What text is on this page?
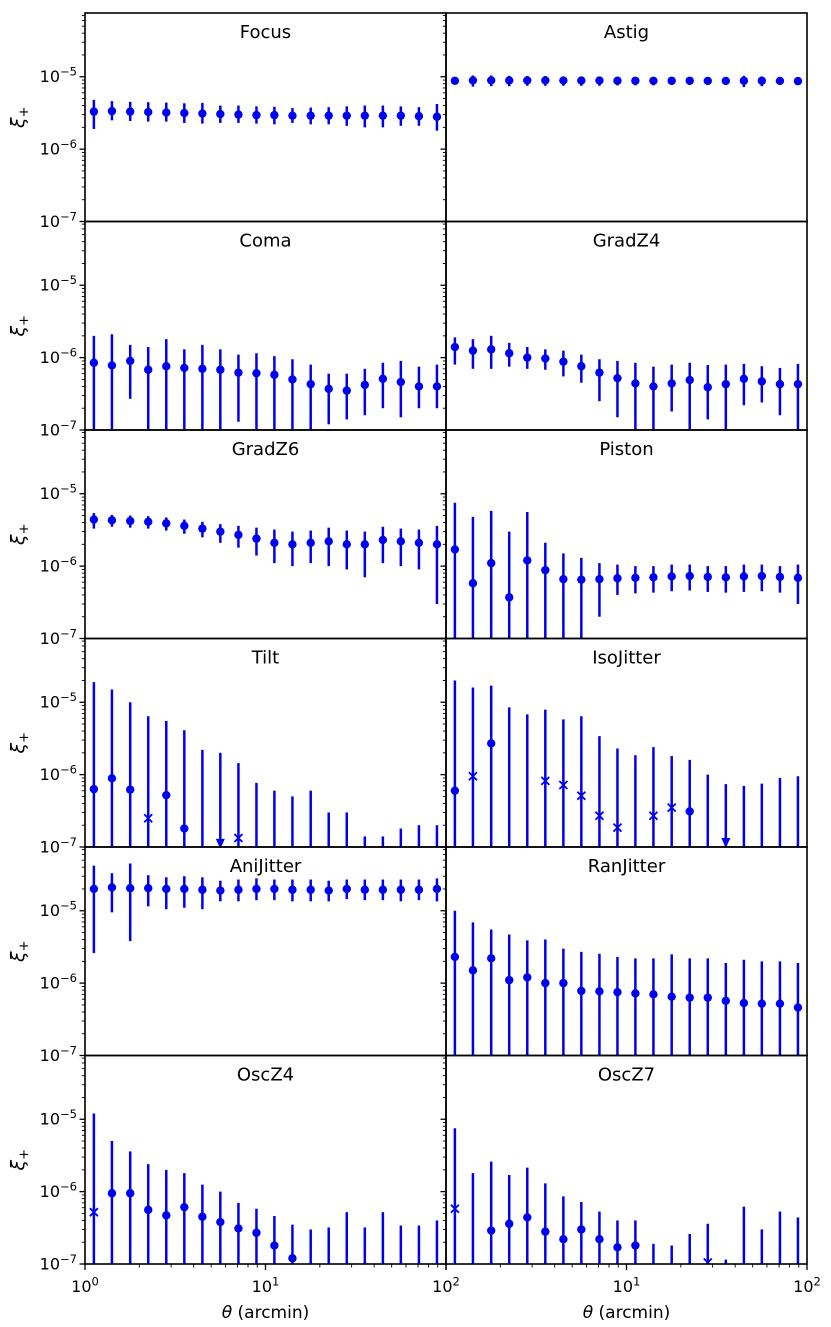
$10^{-5}$
$10^{-6}$
$10^{-7}$
$\xi_+$
Focus	Astig
$10^{-5}$
$10^{-6}$
$10^{-7}$
$\xi_+$
Coma	GradZ4
$10^{-5}$
$10^{-6}$
$10^{-7}$
$\xi_+$
GradZ6	Piston
$10^{-5}$
$10^{-6}$
$10^{-7}$
$\xi_+$
Tilt	IsoJitter
$10^{-5}$
$10^{-6}$
$10^{-7}$
$\xi_+$
AniJitter	RanJitter
$10^{-5}$
$10^{-6}$
$10^{-7}$
$10^0$	$10^1$	$10^2$
θ (arcmin)
$\xi_+$
OscZ4
$10^1$	$10^2$
θ (arcmin)
OscZ7
